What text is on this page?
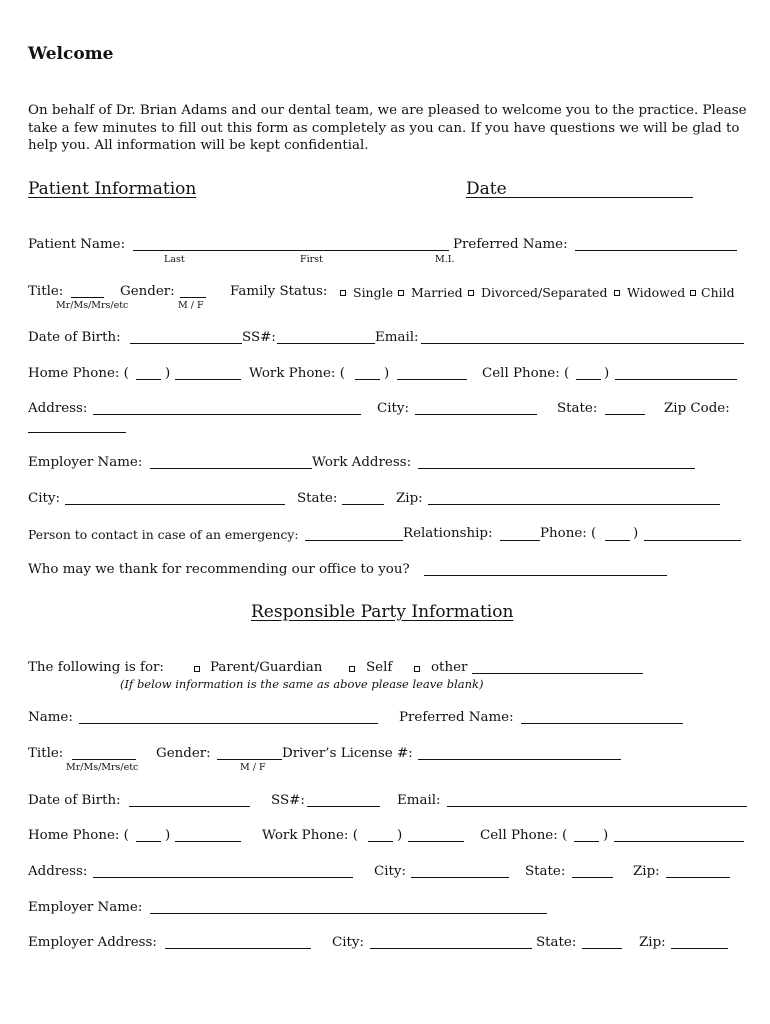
Welcome
On behalf of Dr. Brian Adams and our dental team, we are pleased to welcome you to the practice. Please take a few minutes to fill out this form as completely as you can. If you have questions we will be glad to help you. All information will be kept confidential.
Patient Information	Date
Patient Name:
Last	First	M.I.
Preferred Name:
Title:
Mr/Ms/Mrs/etc
Gender:
M / F
Family Status: Single Married Divorced/Separated Widowed Child
Date of Birth:	SS#:	Email:
Home Phone: (	)	Work Phone: (	)	Cell Phone: (	)
Address:	City:	State:	Zip Code:
Employer Name:	Work Address:
City:	State:	Zip:
Person to contact in case of an emergency:	Relationship:	Phone: (	)
Who may we thank for recommending our office to you?
Responsible Party Information
The following is for:	Parent/Guardian	Self	other
(If below information is the same as above please leave blank)
Name:	Preferred Name:
Title:
Mr/Ms/Mrs/etc
Gender:
M / F
Driver’s License #:
Date of Birth:	SS#:	Email:
Home Phone: (	)	Work Phone: (	)	Cell Phone: (	)
Address:	City:	State:	Zip:
Employer Name:
Employer Address:	City:	State:	Zip:
